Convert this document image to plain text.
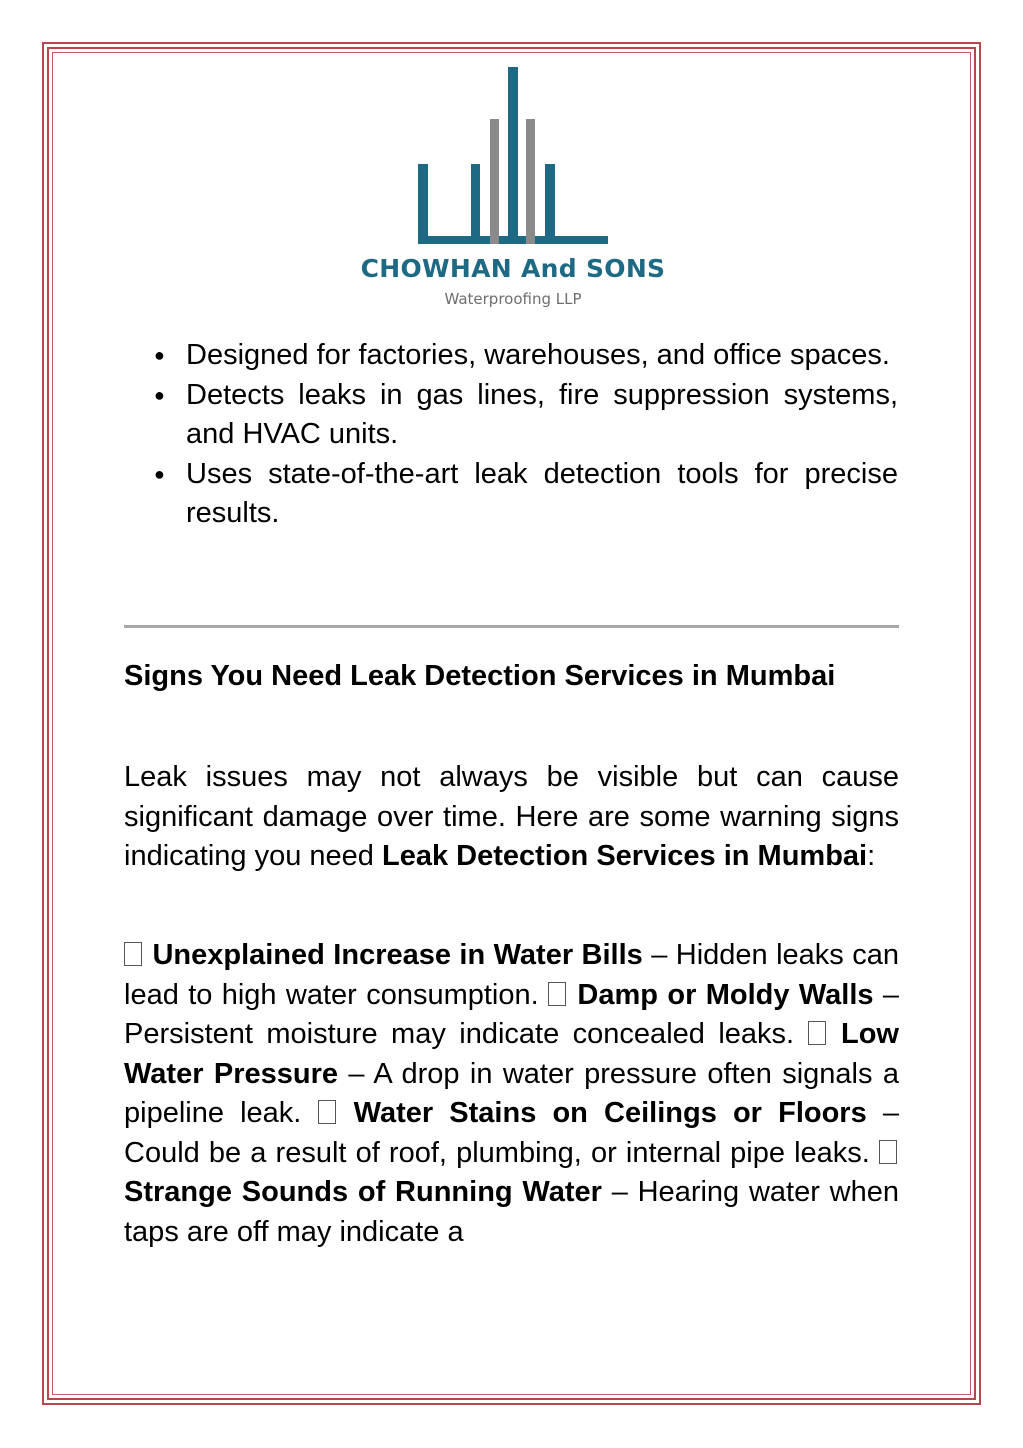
CHOWHAN And SONS
Waterproofing LLP
● Designed for factories, warehouses, and office spaces.
● Detects leaks in gas lines, fire suppression systems, and HVAC units.
● Uses state-of-the-art leak detection tools for precise results.
Signs You Need Leak Detection Services in Mumbai

Leak issues may not always be visible but can cause significant damage over time. Here are some warning signs indicating you need Leak Detection Services in Mumbai:

Unexplained Increase in Water Bills – Hidden leaks can lead to high water consumption.  Damp or Moldy Walls – Persistent moisture may indicate concealed leaks.  Low Water Pressure – A drop in water pressure often signals a pipeline leak.  Water Stains on Ceilings or Floors – Could be a result of roof, plumbing, or internal pipe leaks.  Strange Sounds of Running Water – Hearing water when taps are off may indicate a
